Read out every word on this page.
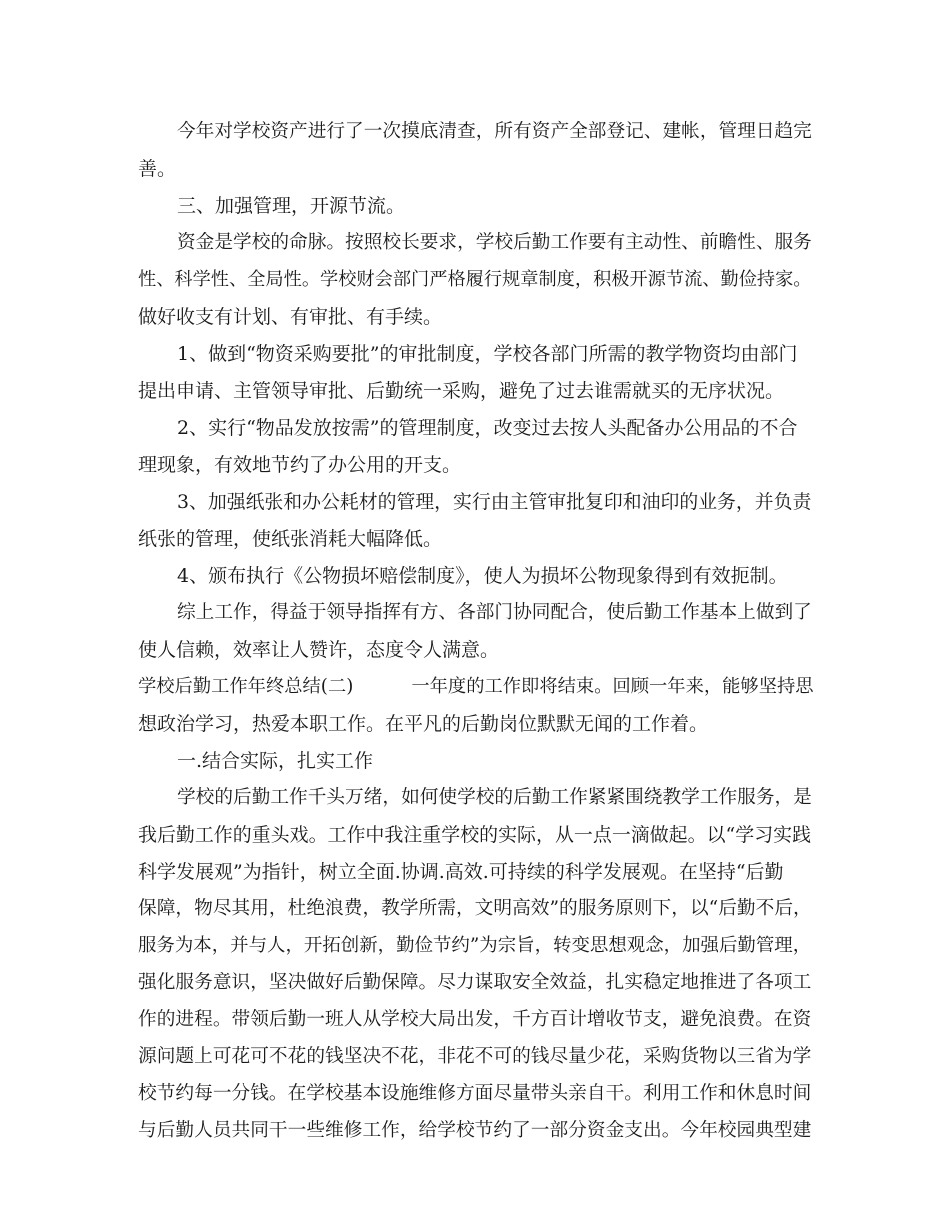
今年对学校资产进行了一次摸底清查，所有资产全部登记、建帐，管理日趋完
善。
三、加强管理，开源节流。
资金是学校的命脉。按照校长要求，学校后勤工作要有主动性、前瞻性、服务
性、科学性、全局性。学校财会部门严格履行规章制度，积极开源节流、勤俭持家。
做好收支有计划、有审批、有手续。
1、做到“物资采购要批”的审批制度，学校各部门所需的教学物资均由部门
提出申请、主管领导审批、后勤统一采购，避免了过去谁需就买的无序状况。
2、实行“物品发放按需”的管理制度，改变过去按人头配备办公用品的不合
理现象，有效地节约了办公用的开支。
3、加强纸张和办公耗材的管理，实行由主管审批复印和油印的业务，并负责
纸张的管理，使纸张消耗大幅降低。
4、颁布执行《公物损坏赔偿制度》，使人为损坏公物现象得到有效扼制。
综上工作，得益于领导指挥有方、各部门协同配合，使后勤工作基本上做到了
使人信赖，效率让人赞许，态度令人满意。
学校后勤工作年终总结(二)	一年度的工作即将结束。回顾一年来，能够坚持思
想政治学习，热爱本职工作。在平凡的后勤岗位默默无闻的工作着。
一.结合实际，扎实工作
学校的后勤工作千头万绪，如何使学校的后勤工作紧紧围绕教学工作服务，是
我后勤工作的重头戏。工作中我注重学校的实际，从一点一滴做起。以“学习实践
科学发展观”为指针，树立全面.协调.高效.可持续的科学发展观。在坚持“后勤
保障，物尽其用，杜绝浪费，教学所需，文明高效”的服务原则下，以“后勤不后，
服务为本，并与人，开拓创新，勤俭节约”为宗旨，转变思想观念，加强后勤管理，
强化服务意识，坚决做好后勤保障。尽力谋取安全效益，扎实稳定地推进了各项工
作的进程。带领后勤一班人从学校大局出发，千方百计增收节支，避免浪费。在资
源问题上可花可不花的钱坚决不花，非花不可的钱尽量少花，采购货物以三省为学
校节约每一分钱。在学校基本设施维修方面尽量带头亲自干。利用工作和休息时间
与后勤人员共同干一些维修工作，给学校节约了一部分资金支出。今年校园典型建
